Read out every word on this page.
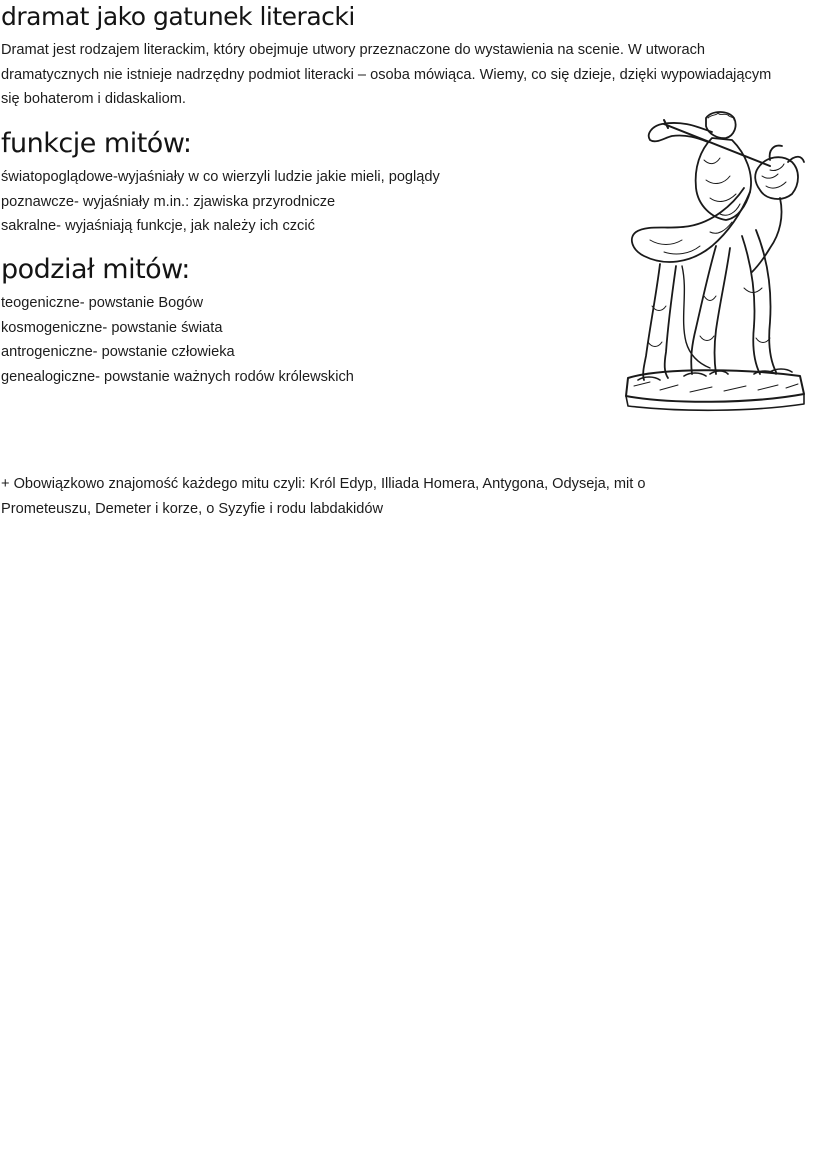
dramat jako gatunek literacki
Dramat jest rodzajem literackim, który obejmuje utwory przeznaczone do wystawienia na scenie. W utworach
dramatycznych nie istnieje nadrzędny podmiot literacki – osoba mówiąca. Wiemy, co się dzieje, dzięki wypowiadającym
się bohaterom i didaskaliom.
funkcje mitów:
światopoglądowe-wyjaśniały w co wierzyli ludzie jakie mieli, poglądy
poznawcze- wyjaśniały m.in.: zjawiska przyrodnicze
sakralne- wyjaśniają funkcje, jak należy ich czcić
podział mitów:
teogeniczne- powstanie Bogów
kosmogeniczne- powstanie świata
antrogeniczne- powstanie człowieka
genealogiczne- powstanie ważnych rodów królewskich
+ Obowiązkowo znajomość każdego mitu czyli: Król Edyp, Illiada Homera, Antygona, Odyseja, mit o
Prometeuszu, Demeter i korze, o Syzyfie i rodu labdakidów
